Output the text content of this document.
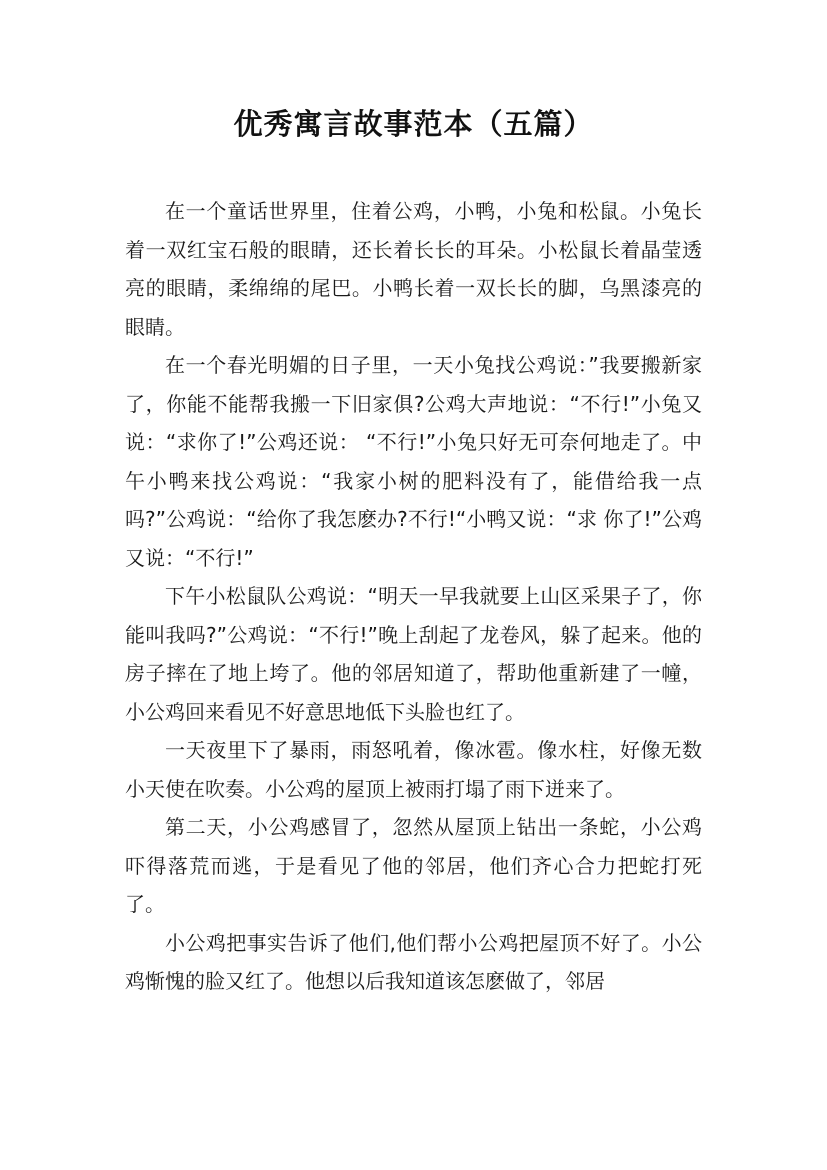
优秀寓言故事范本（五篇）

在一个童话世界里，住着公鸡，小鸭，小兔和松鼠。小兔长着一双红宝石般的眼睛，还长着长长的耳朵。小松鼠长着晶莹透亮的眼睛，柔绵绵的尾巴。小鸭长着一双长长的脚，乌黑漆亮的眼睛。

在一个春光明媚的日子里，一天小兔找公鸡说：”我要搬新家了，你能不能帮我搬一下旧家俱?公鸡大声地说：“不行!”小兔又说：“求你了!”公鸡还说： “不行!”小兔只好无可奈何地走了。中午小鸭来找公鸡说：“我家小树的肥料没有了，能借给我一点吗?”公鸡说：“给你了我怎麽办?不行!“小鸭又说：“求 你了!”公鸡又说：“不行!”

下午小松鼠队公鸡说：“明天一早我就要上山区采果子了，你能叫我吗?”公鸡说：“不行!”晚上刮起了龙卷风，躲了起来。他的房子摔在了地上垮了。他的邻居知道了，帮助他重新建了一幢，小公鸡回来看见不好意思地低下头脸也红了。

一天夜里下了暴雨，雨怒吼着，像冰雹。像水柱，好像无数小天使在吹奏。小公鸡的屋顶上被雨打塌了雨下迸来了。

第二天，小公鸡感冒了，忽然从屋顶上钻出一条蛇，小公鸡吓得落荒而逃，于是看见了他的邻居，他们齐心合力把蛇打死了。

小公鸡把事实告诉了他们,他们帮小公鸡把屋顶不好了。小公鸡惭愧的脸又红了。他想以后我知道该怎麽做了，邻居
